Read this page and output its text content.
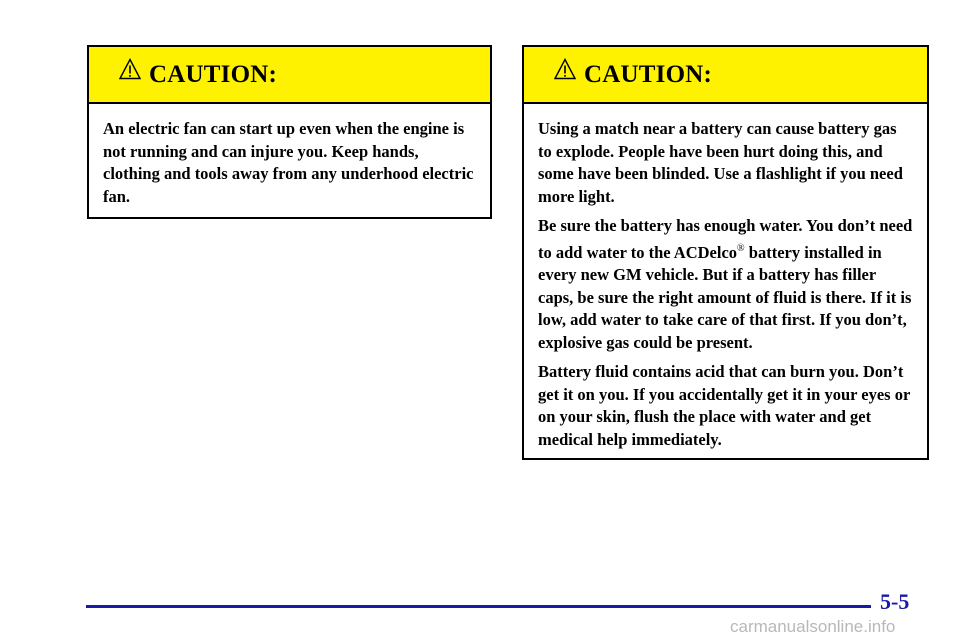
CAUTION:

An electric fan can start up even when the engine is not running and can injure you. Keep hands, clothing and tools away from any underhood electric fan.

CAUTION:

Using a match near a battery can cause battery gas to explode. People have been hurt doing this, and some have been blinded. Use a flashlight if you need more light.

Be sure the battery has enough water. You don’t need to add water to the ACDelco® battery installed in every new GM vehicle. But if a battery has filler caps, be sure the right amount of fluid is there. If it is low, add water to take care of that first. If you don’t, explosive gas could be present.

Battery fluid contains acid that can burn you. Don’t get it on you. If you accidentally get it in your eyes or on your skin, flush the place with water and get medical help immediately.

5-5
carmanualsonline.info
